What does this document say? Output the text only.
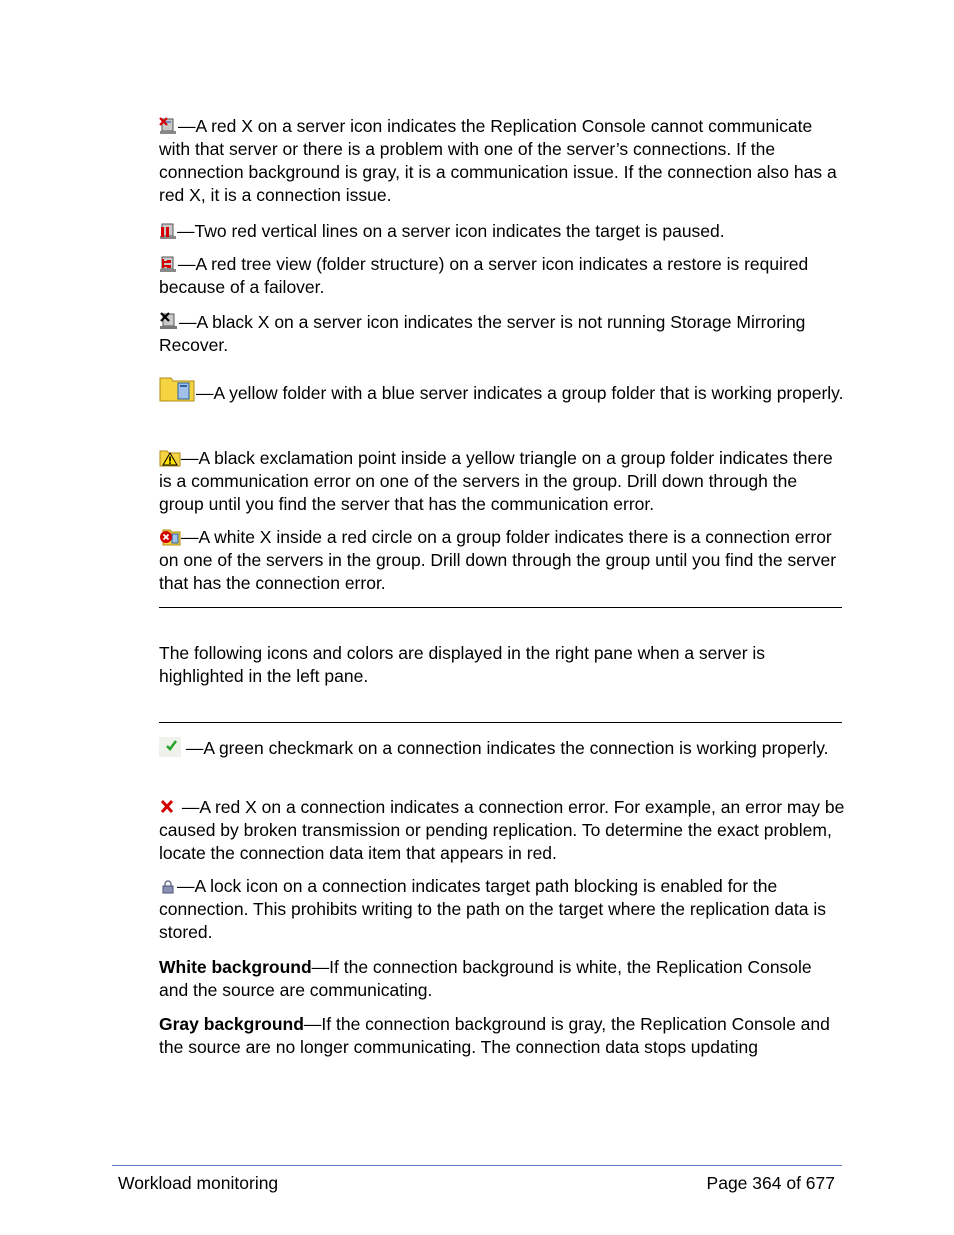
—A red X on a server icon indicates the Replication Console cannot communicate with that server or there is a problem with one of the server’s connections. If the connection background is gray, it is a communication issue. If the connection also has a red X, it is a connection issue.

—Two red vertical lines on a server icon indicates the target is paused.

—A red tree view (folder structure) on a server icon indicates a restore is required because of a failover.

—A black X on a server icon indicates the server is not running Storage Mirroring Recover.

—A yellow folder with a blue server indicates a group folder that is working properly.

—A black exclamation point inside a yellow triangle on a group folder indicates there is a communication error on one of the servers in the group. Drill down through the group until you find the server that has the communication error.

—A white X inside a red circle on a group folder indicates there is a connection error on one of the servers in the group. Drill down through the group until you find the server that has the connection error.

The following icons and colors are displayed in the right pane when a server is highlighted in the left pane.

—A green checkmark on a connection indicates the connection is working properly.

—A red X on a connection indicates a connection error. For example, an error may be caused by broken transmission or pending replication. To determine the exact problem, locate the connection data item that appears in red.

—A lock icon on a connection indicates target path blocking is enabled for the connection. This prohibits writing to the path on the target where the replication data is stored.

White background—If the connection background is white, the Replication Console and the source are communicating.

Gray background—If the connection background is gray, the Replication Console and the source are no longer communicating. The connection data stops updating

Workload monitoring	Page 364 of 677
